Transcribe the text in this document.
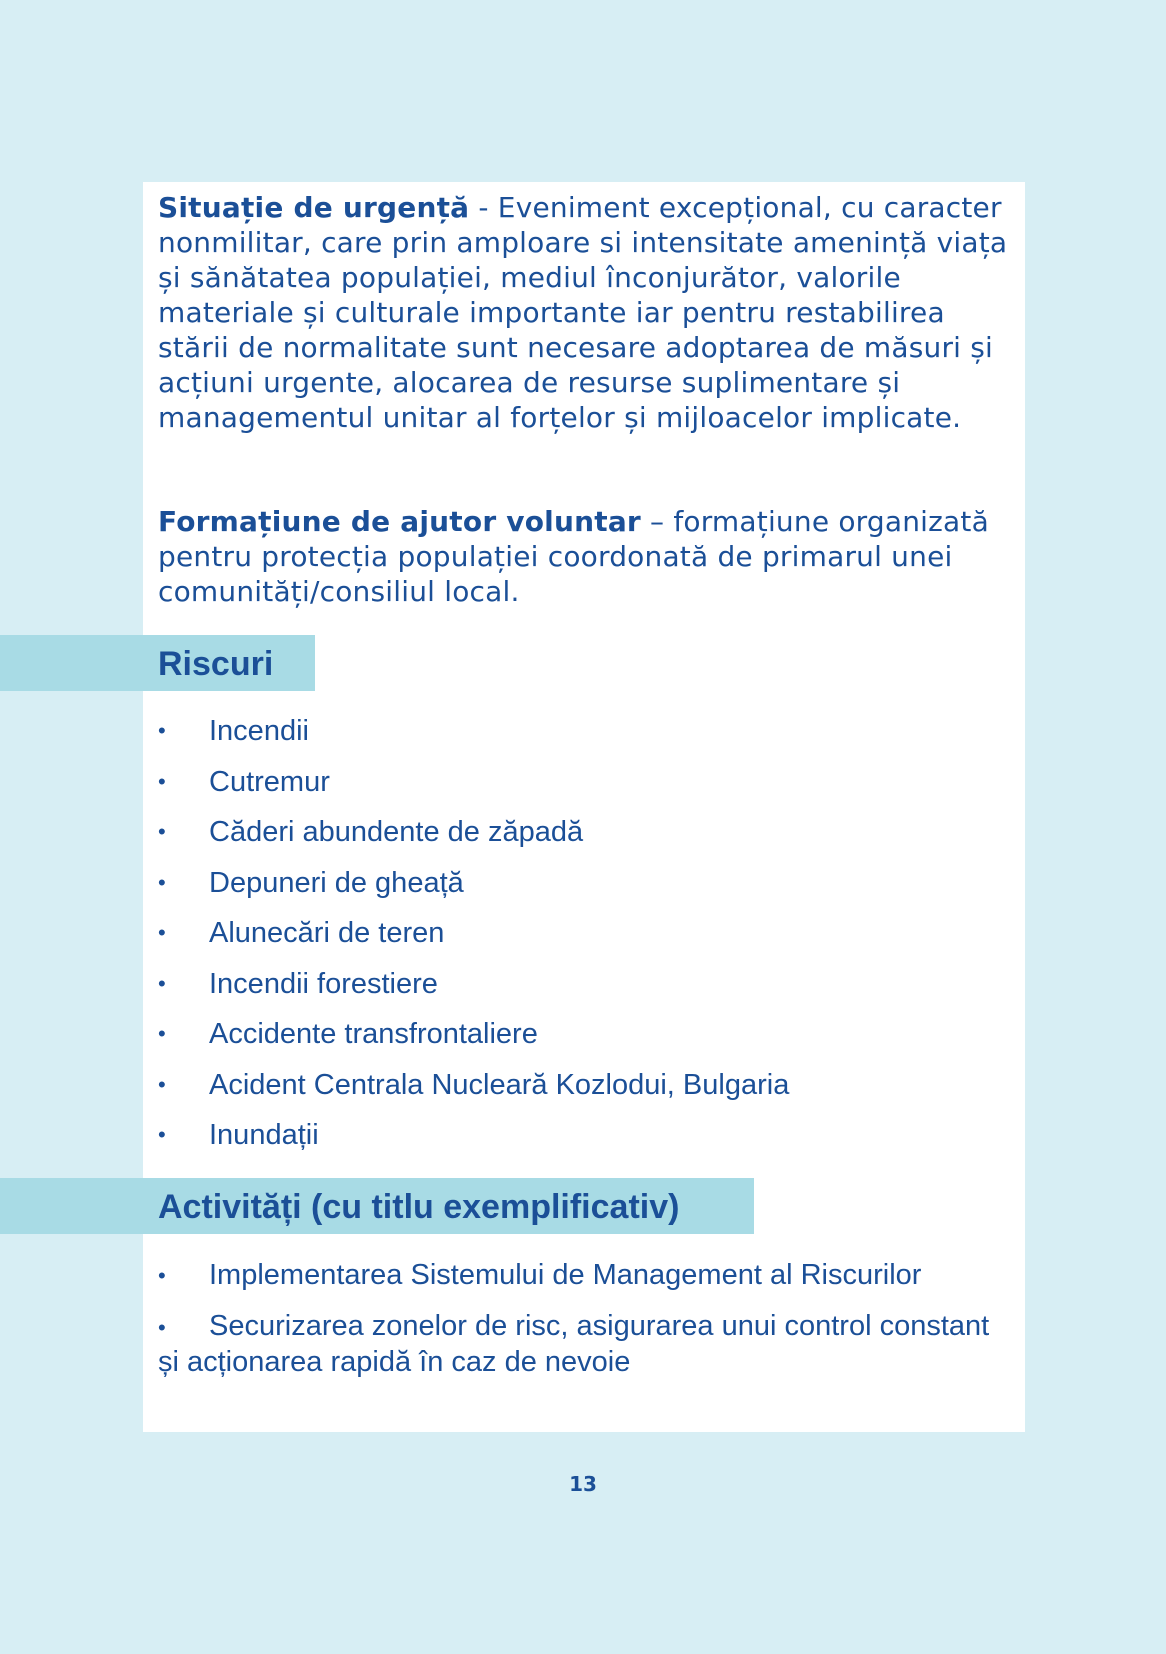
Situație de urgență - Eveniment excepțional, cu caracter nonmilitar, care prin amploare si intensitate amenință viața și sănătatea populației, mediul înconjurător, valorile materiale și culturale importante iar pentru restabilirea stării de normalitate sunt necesare adoptarea de măsuri și acțiuni urgente, alocarea de resurse suplimentare și managementul unitar al forțelor și mijloacelor implicate.

Formațiune de ajutor voluntar – formațiune organizată pentru protecția populației coordonată de primarul unei comunități/consiliul local.

Riscuri
•	Incendii
•	Cutremur
•	Căderi abundente de zăpadă
•	Depuneri de gheață
•	Alunecări de teren
•	Incendii forestiere
•	Accidente transfrontaliere
•	Acident Centrala Nucleară Kozlodui, Bulgaria
•	Inundații
Activități (cu titlu exemplificativ)

• Implementarea Sistemului de Management al Riscurilor

• Securizarea zonelor de risc, asigurarea unui control constant și acționarea rapidă în caz de nevoie

13
